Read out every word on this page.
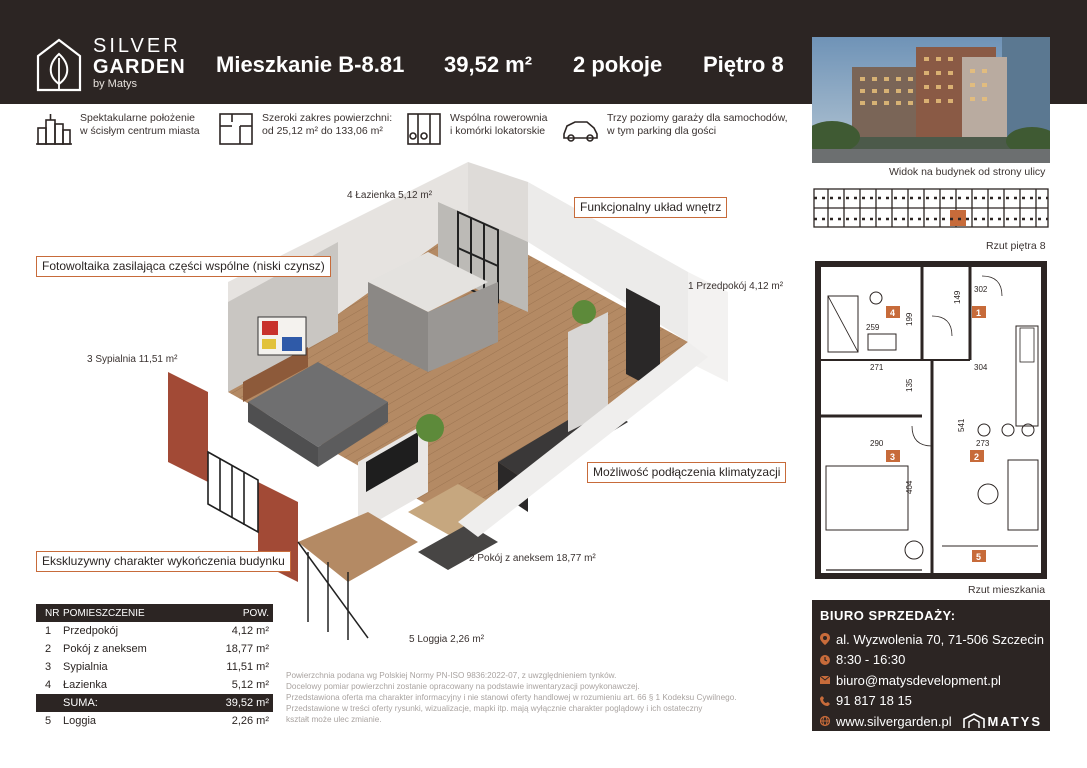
SILVER
GARDEN
by Matys
Mieszkanie B-8.81 39,52 m² 2 pokoje Piętro 8
Widok na budynek od strony ulicy
Spektakularne położenie
w ścisłym centrum miasta
Szeroki zakres powierzchni:
od 25,12 m² do 133,06 m²
Wspólna rowerownia
i komórki lokatorskie
Trzy poziomy garaży dla samochodów,
w tym parking dla gości
Rzut piętra 8
4	1
3	2
5
302
149
259
199
271	304
135
541
290	273
404
Rzut mieszkania
4 Łazienka 5,12 m²
1 Przedpokój 4,12 m²
3 Sypialnia 11,51 m²
2 Pokój z aneksem 18,77 m²
5 Loggia 2,26 m²
Funkcjonalny układ wnętrz
Fotowoltaika zasilająca części wspólne (niski czynsz)
Możliwość podłączenia klimatyzacji
Ekskluzywny charakter wykończenia budynku
NR POMIESZCZENIE	POW.
1	Przedpokój	4,12 m²
2	Pokój z aneksem	18,77 m²
3	Sypialnia	11,51 m²
4	Łazienka	5,12 m²
SUMA:	39,52 m²
5	Loggia	2,26 m²

Powierzchnia podana wg Polskiej Normy PN-ISO 9836:2022-07, z uwzględnieniem tynków.

Docelowy pomiar powierzchni zostanie opracowany na podstawie inwentaryzacji powykonawczej.

Przedstawiona oferta ma charakter informacyjny i nie stanowi oferty handlowej w rozumieniu art. 66 § 1 Kodeksu Cywilnego.

Przedstawione w treści oferty rysunki, wizualizacje, mapki itp. mają wyłącznie charakter poglądowy i ich ostateczny

kształt może ulec zmianie.

BIURO SPRZEDAŻY:
al. Wyzwolenia 70, 71-506 Szczecin
8:30 - 16:30
biuro@matysdevelopment.pl
91 817 18 15
www.silvergarden.pl	MATYS
